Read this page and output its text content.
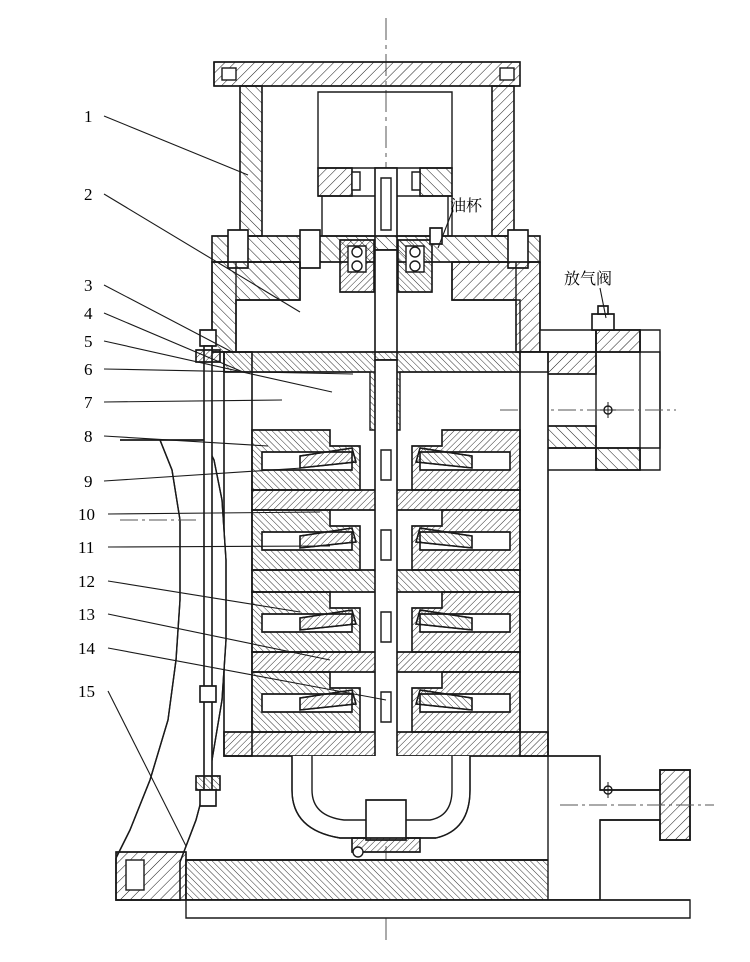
1
2
3
4
5
6
7
8
9
10
11
12
13
14
15
油杯
放气阀
